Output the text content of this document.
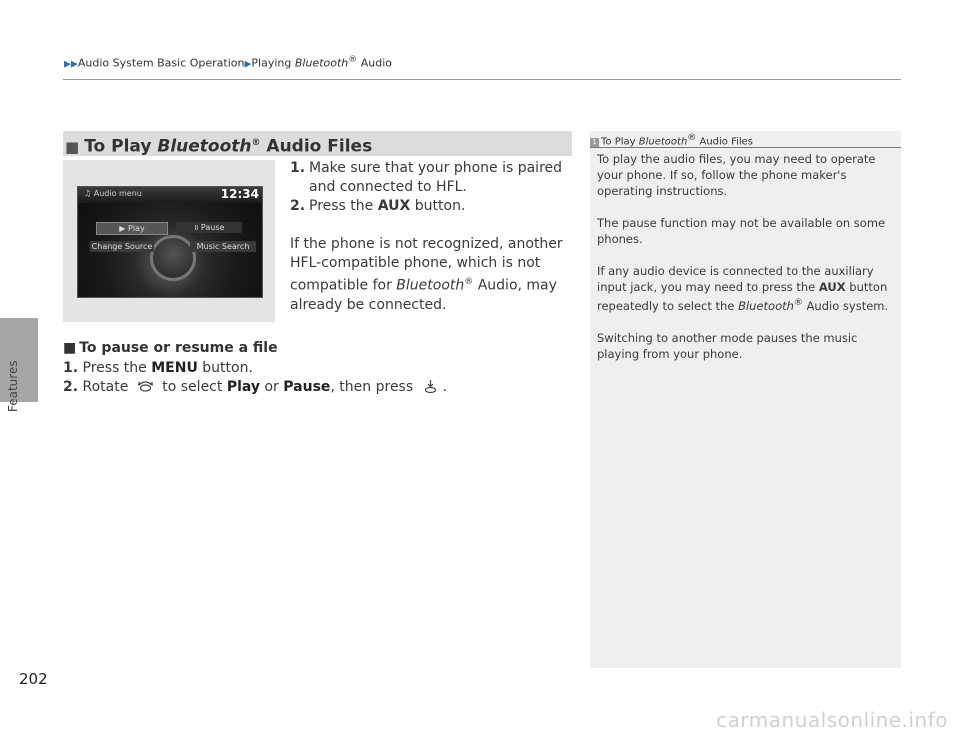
▶▶Audio System Basic Operation▶Playing Bluetooth® Audio
Features
202
■ To Play Bluetooth® Audio Files
♫ Audio menu	12:34
▶ Play	॥ Pause
Change Source	Music Search
1. Make sure that your phone is paired and connected to HFL.
2. Press the AUX button.
If the phone is not recognized, another HFL-compatible phone, which is not compatible for Bluetooth® Audio, may already be connected.
■ To pause or resume a file
1. Press the MENU button.
2. Rotate  to select Play or Pause, then press .
1 To Play Bluetooth® Audio Files

To play the audio files, you may need to operate your phone. If so, follow the phone maker's operating instructions.

The pause function may not be available on some phones.

If any audio device is connected to the auxiliary input jack, you may need to press the AUX button repeatedly to select the Bluetooth® Audio system.

Switching to another mode pauses the music playing from your phone.

carmanualsonline.info
